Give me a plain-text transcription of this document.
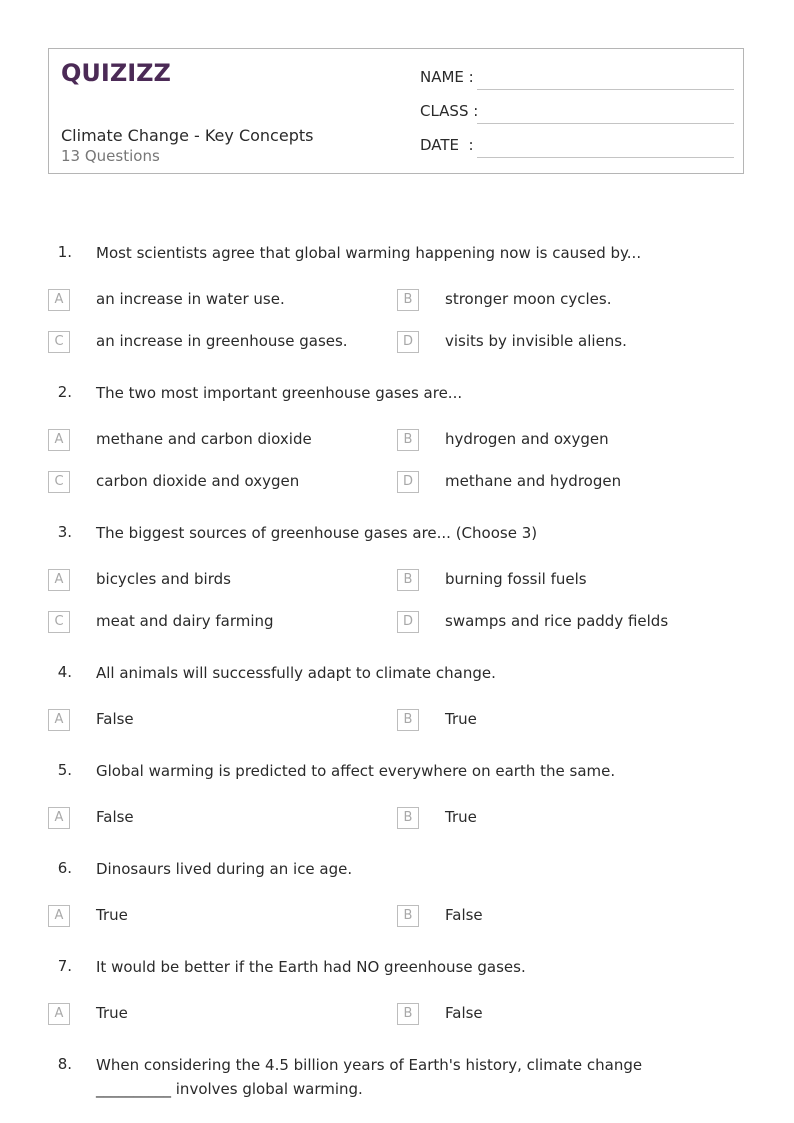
QUIZIZZ
Climate Change - Key Concepts
13 Questions
NAME :
CLASS :
DATE  :
1. Most scientists agree that global warming happening now is caused by...
A	an increase in water use.	B	stronger moon cycles.
C	an increase in greenhouse gases.	D	visits by invisible aliens.
2. The two most important greenhouse gases are...
A	methane and carbon dioxide	B	hydrogen and oxygen
C	carbon dioxide and oxygen	D	methane and hydrogen
3. The biggest sources of greenhouse gases are... (Choose 3)
A	bicycles and birds	B	burning fossil fuels
C	meat and dairy farming	D	swamps and rice paddy fields
4. All animals will successfully adapt to climate change.
A	False	B	True
5. Global warming is predicted to affect everywhere on earth the same.
A	False	B	True
6. Dinosaurs lived during an ice age.
A	True	B	False
7. It would be better if the Earth had NO greenhouse gases.
A	True	B	False
8. When considering the 4.5 billion years of Earth's history, climate change __________ involves global warming.
